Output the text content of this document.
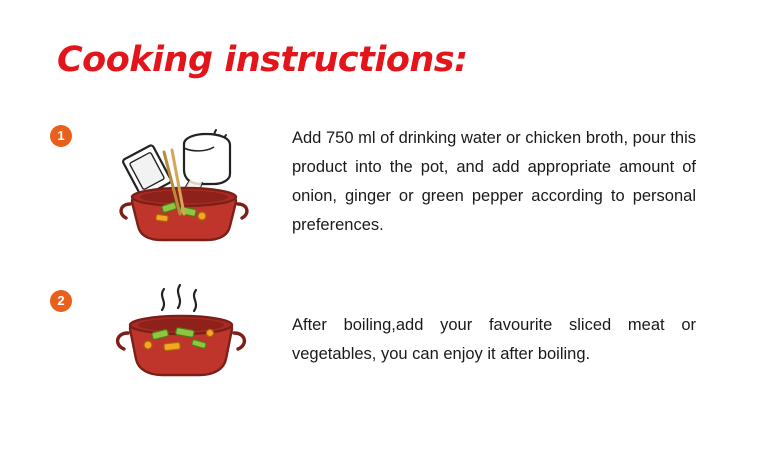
Cooking instructions:
1	Add 750 ml of drinking water or chicken broth, pour this product into the pot, and add appropriate amount of onion, ginger or green pepper according to personal preferences.
2
After boiling,add your favourite sliced meat or vegetables, you can enjoy it after boiling.
